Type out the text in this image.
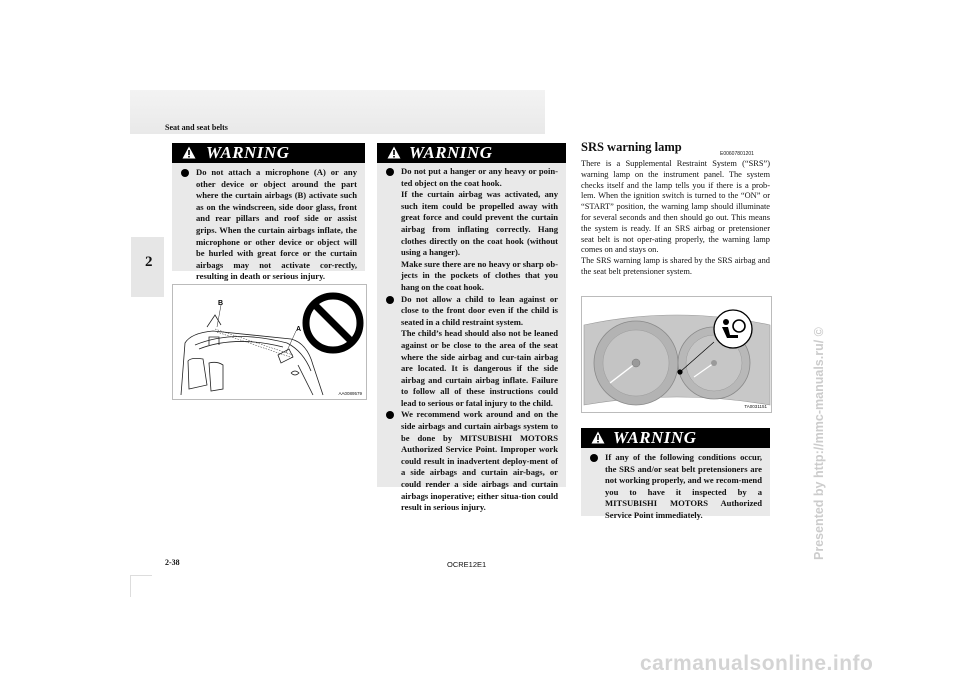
Seat and seat belts
2
WARNING

Do not attach a microphone (A) or any other device or object around the part where the curtain airbags (B) activate such as on the windscreen, side door glass, front and rear pillars and roof side or assist grips. When the curtain airbags inflate, the microphone or other device or object will be hurled with great force or the curtain airbags may not activate cor-rectly, resulting in death or serious injury.

B
A
AA0089579
WARNING

Do not put a hanger or any heavy or poin-ted object on the coat hook.

If the curtain airbag was activated, any such item could be propelled away with great force and could prevent the curtain airbag from inflating correctly. Hang clothes directly on the coat hook (without using a hanger).

Make sure there are no heavy or sharp ob-jects in the pockets of clothes that you hang on the coat hook.

Do not allow a child to lean against or close to the front door even if the child is seated in a child restraint system.

The child’s head should also not be leaned against or be close to the area of the seat where the side airbag and cur-tain airbag are located. It is dangerous if the side airbag and curtain airbag inflate. Failure to follow all of these instructions could lead to serious or fatal injury to the child.

We recommend work around and on the side airbags and curtain airbags system to be done by MITSUBISHI MOTORS Authorized Service Point. Improper work could result in inadvertent deploy-ment of a side airbags and curtain air-bags, or could render a side airbags and curtain airbags inoperative; either situa-tion could result in serious injury.

SRS warning lamp	E00607801201

There is a Supplemental Restraint System (“SRS”) warning lamp on the instrument panel. The system checks itself and the lamp tells you if there is a prob-lem. When the ignition switch is turned to the “ON” or “START” position, the warning lamp should illuminate for several seconds and then should go out. This means the system is ready. If an SRS airbag or pretensioner seat belt is not oper-ating properly, the warning lamp comes on and stays on.

The SRS warning lamp is shared by the SRS airbag and the seat belt pretensioner system.

TA0031151
WARNING

If any of the following conditions occur, the SRS and/or seat belt pretensioners are not working properly, and we recom-mend you to have it inspected by a MITSUBISHI MOTORS Authorized Service Point immediately.

2-38	OCRE12E1
Presented by http://mmc-manuals.ru/ ©
carmanualsonline.info
